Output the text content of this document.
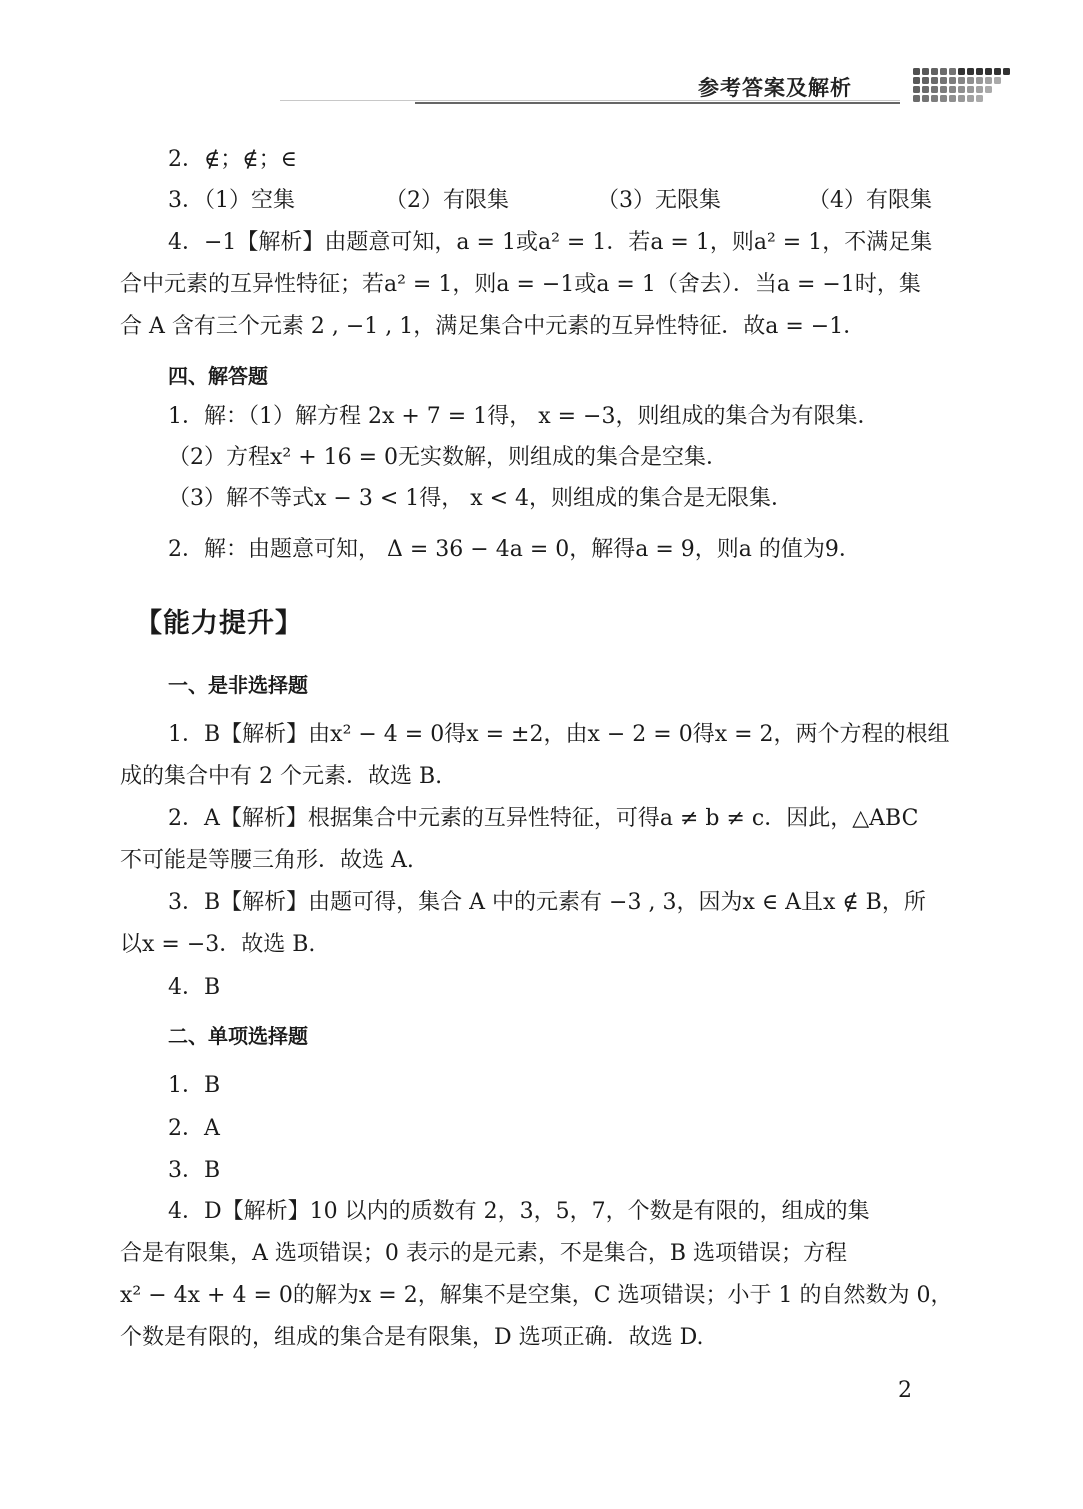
参考答案及解析
2．∉；∉；∈
3．（1）空集	（2）有限集	（3）无限集	（4）有限集
4．−1【解析】由题意可知，a = 1或a² = 1．若a = 1，则a² = 1，不满足集
合中元素的互异性特征；若a² = 1，则a = −1或a = 1（舍去）．当a = −1时，集
合 A 含有三个元素 2 , −1 , 1，满足集合中元素的互异性特征．故a = −1．
四、解答题
1．解：（1）解方程 2x + 7 = 1得， x = −3，则组成的集合为有限集．
（2）方程x² + 16 = 0无实数解，则组成的集合是空集．
（3）解不等式x − 3 < 1得， x < 4，则组成的集合是无限集．
2．解：由题意可知， Δ = 36 − 4a = 0，解得a = 9，则a 的值为9．
【能力提升】
一、是非选择题
1．B【解析】由x² − 4 = 0得x = ±2，由x − 2 = 0得x = 2，两个方程的根组
成的集合中有 2 个元素．故选 B.
2．A【解析】根据集合中元素的互异性特征，可得a ≠ b ≠ c．因此，△ABC
不可能是等腰三角形．故选 A.
3．B【解析】由题可得，集合 A 中的元素有 −3 , 3，因为x ∈ A且x ∉ B，所
以x = −3．故选 B.
4．B
二、单项选择题
1．B
2．A
3．B
4．D【解析】10 以内的质数有 2，3，5，7，个数是有限的，组成的集
合是有限集，A 选项错误；0 表示的是元素，不是集合，B 选项错误；方程
x² − 4x + 4 = 0的解为x = 2，解集不是空集，C 选项错误；小于 1 的自然数为 0，
个数是有限的，组成的集合是有限集，D 选项正确．故选 D.
2
